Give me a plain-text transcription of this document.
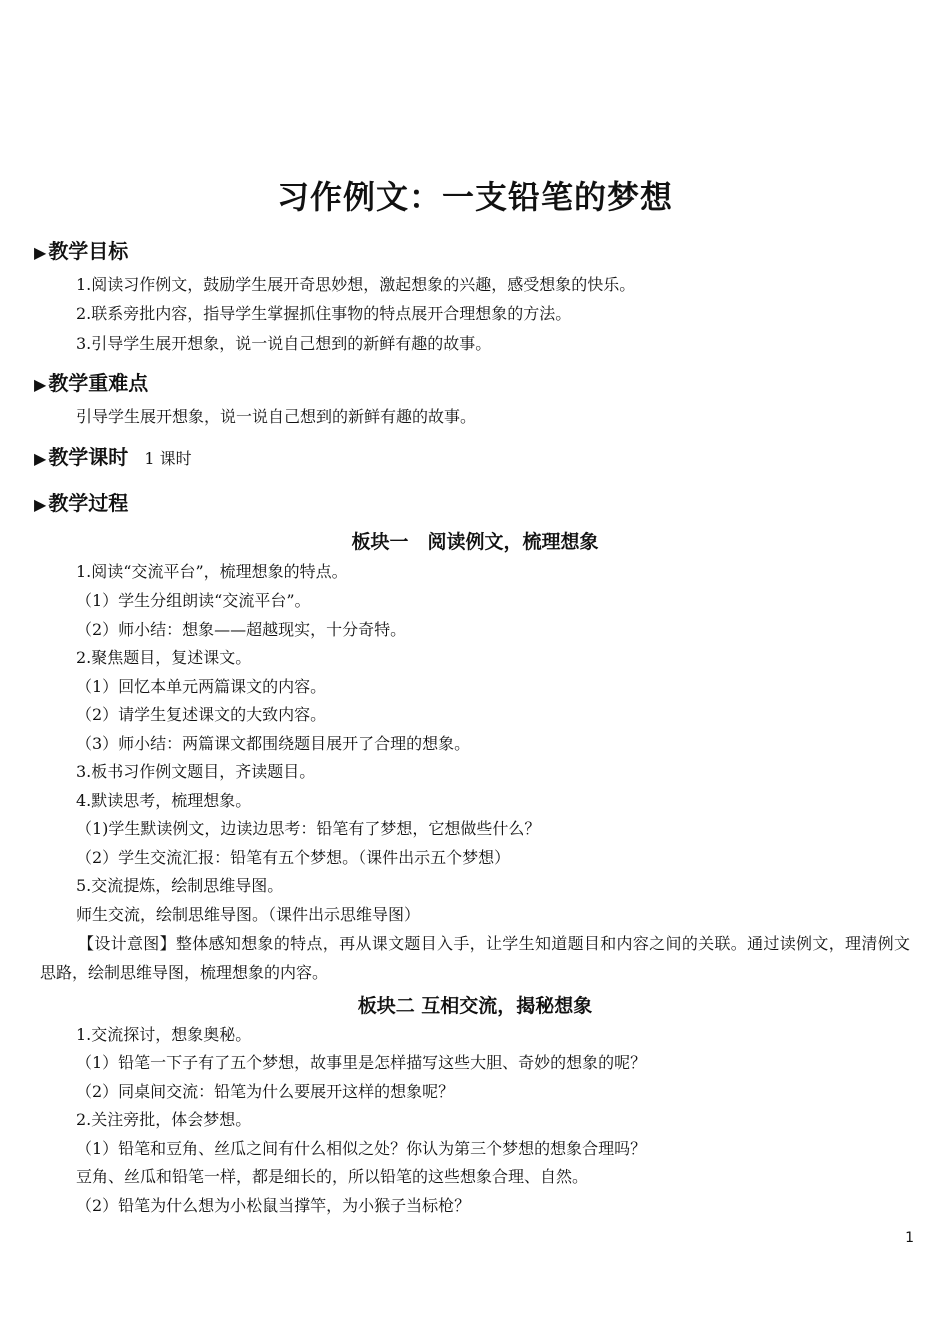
习作例文：一支铅笔的梦想
▶ 教学目标
1.阅读习作例文，鼓励学生展开奇思妙想，激起想象的兴趣，感受想象的快乐。
2.联系旁批内容，指导学生掌握抓住事物的特点展开合理想象的方法。
3.引导学生展开想象，说一说自己想到的新鲜有趣的故事。
▶ 教学重难点
引导学生展开想象，说一说自己想到的新鲜有趣的故事。
▶ 教学课时 1 课时
▶ 教学过程
板块一　阅读例文，梳理想象
1.阅读“交流平台”，梳理想象的特点。
（1）学生分组朗读“交流平台”。
（2）师小结：想象——超越现实，十分奇特。
2.聚焦题目，复述课文。
（1）回忆本单元两篇课文的内容。
（2）请学生复述课文的大致内容。
（3）师小结：两篇课文都围绕题目展开了合理的想象。
3.板书习作例文题目，齐读题目。
4.默读思考，梳理想象。
（1)学生默读例文，边读边思考：铅笔有了梦想，它想做些什么？
（2）学生交流汇报：铅笔有五个梦想。（课件出示五个梦想）
5.交流提炼，绘制思维导图。
师生交流，绘制思维导图。（课件出示思维导图）
【设计意图】整体感知想象的特点，再从课文题目入手，让学生知道题目和内容之间的关联。通过读例文，理清例文思路，绘制思维导图，梳理想象的内容。
板块二 互相交流，揭秘想象
1.交流探讨，想象奥秘。
（1）铅笔一下子有了五个梦想，故事里是怎样描写这些大胆、奇妙的想象的呢？
（2）同桌间交流：铅笔为什么要展开这样的想象呢？
2.关注旁批，体会梦想。
（1）铅笔和豆角、丝瓜之间有什么相似之处？你认为第三个梦想的想象合理吗？
豆角、丝瓜和铅笔一样，都是细长的，所以铅笔的这些想象合理、自然。
（2）铅笔为什么想为小松鼠当撑竿，为小猴子当标枪？
1
